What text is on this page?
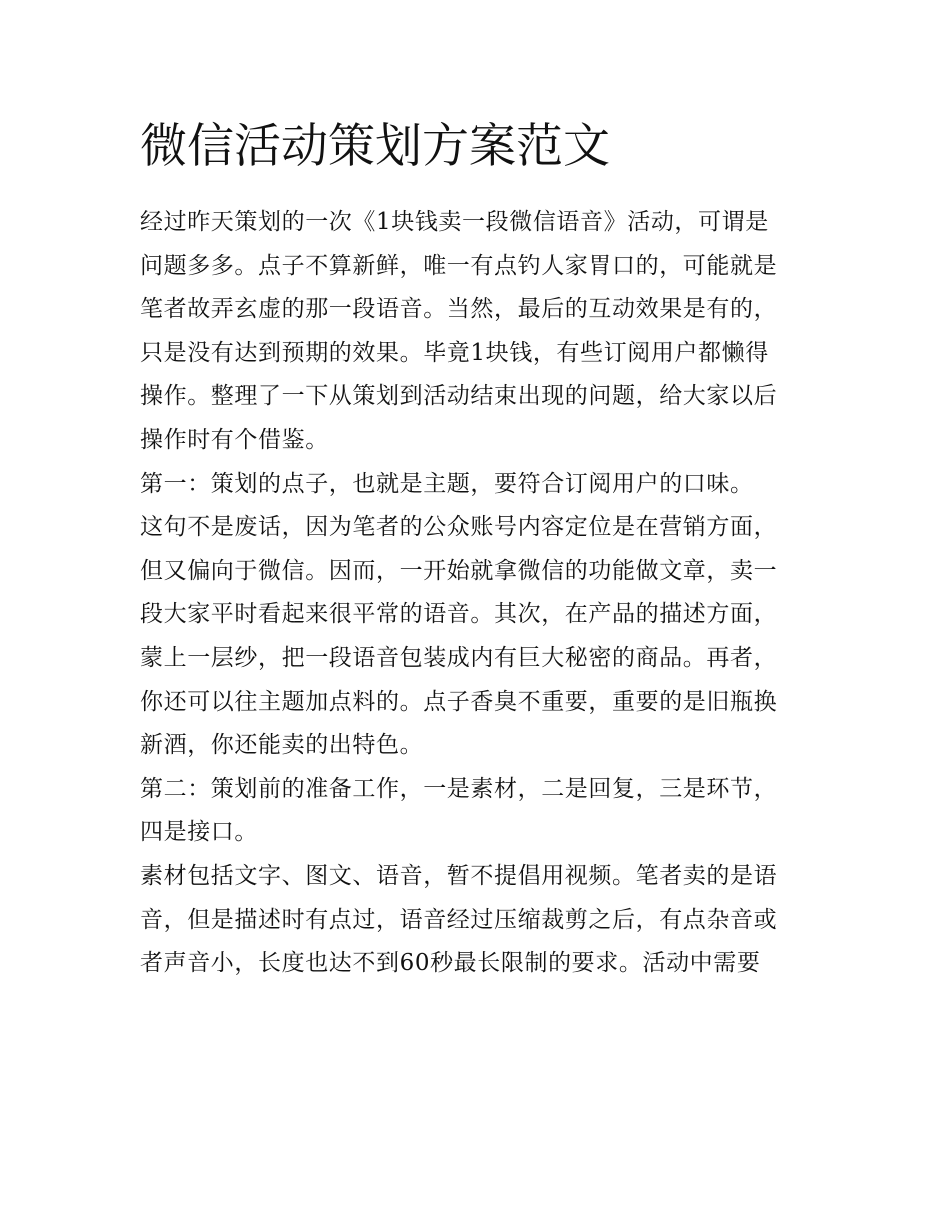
微信活动策划方案范文
经过昨天策划的一次《1块钱卖一段微信语音》活动，可谓是
问题多多。点子不算新鲜，唯一有点钓人家胃口的，可能就是
笔者故弄玄虚的那一段语音。当然，最后的互动效果是有的，
只是没有达到预期的效果。毕竟1块钱，有些订阅用户都懒得
操作。整理了一下从策划到活动结束出现的问题，给大家以后
操作时有个借鉴。
第一：策划的点子，也就是主题，要符合订阅用户的口味。
这句不是废话，因为笔者的公众账号内容定位是在营销方面，
但又偏向于微信。因而，一开始就拿微信的功能做文章，卖一
段大家平时看起来很平常的语音。其次，在产品的描述方面，
蒙上一层纱，把一段语音包装成内有巨大秘密的商品。再者，
你还可以往主题加点料的。点子香臭不重要，重要的是旧瓶换
新酒，你还能卖的出特色。
第二：策划前的准备工作，一是素材，二是回复，三是环节，
四是接口。
素材包括文字、图文、语音，暂不提倡用视频。笔者卖的是语
音，但是描述时有点过，语音经过压缩裁剪之后，有点杂音或
者声音小，长度也达不到60秒最长限制的要求。活动中需要
